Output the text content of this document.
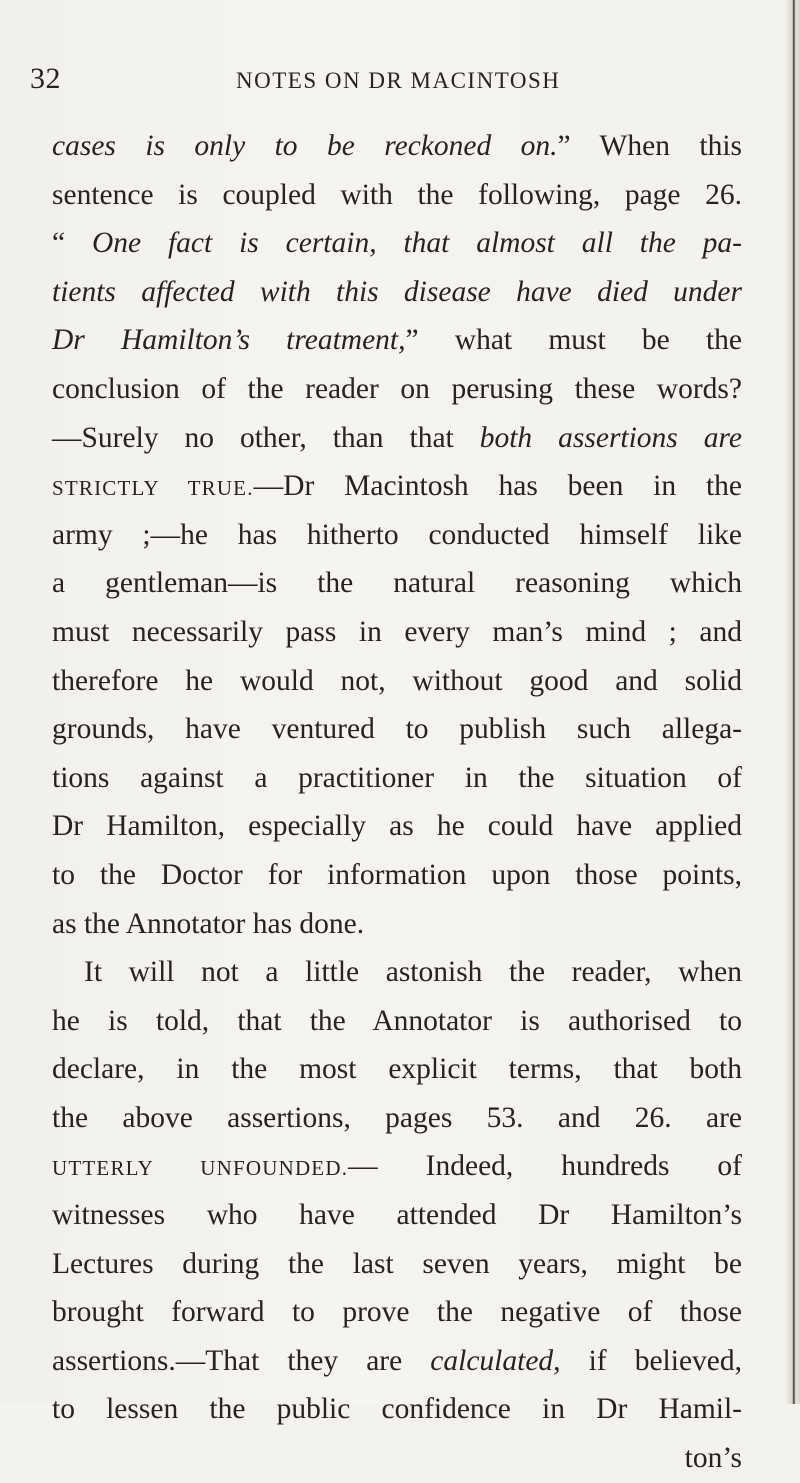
32	NOTES ON DR MACINTOSH
cases is only to be reckoned on.” When this
sentence is coupled with the following, page 26.
“ One fact is certain, that almost all the pa-
tients affected with this disease have died under
Dr Hamilton’s treatment,” what must be the
conclusion of the reader on perusing these words?
—Surely no other, than that both assertions are
STRICTLY TRUE.—Dr Macintosh has been in the
army ;—he has hitherto conducted himself like
a gentleman—is the natural reasoning which
must necessarily pass in every man’s mind ; and
therefore he would not, without good and solid
grounds, have ventured to publish such allega-
tions against a practitioner in the situation of
Dr Hamilton, especially as he could have applied
to the Doctor for information upon those points,
as the Annotator has done.
It will not a little astonish the reader, when
he is told, that the Annotator is authorised to
declare, in the most explicit terms, that both
the above assertions, pages 53. and 26. are
UTTERLY UNFOUNDED.— Indeed, hundreds of
witnesses who have attended Dr Hamilton’s
Lectures during the last seven years, might be
brought forward to prove the negative of those
assertions.—That they are calculated, if believed,
to lessen the public confidence in Dr Hamil-
ton’s
